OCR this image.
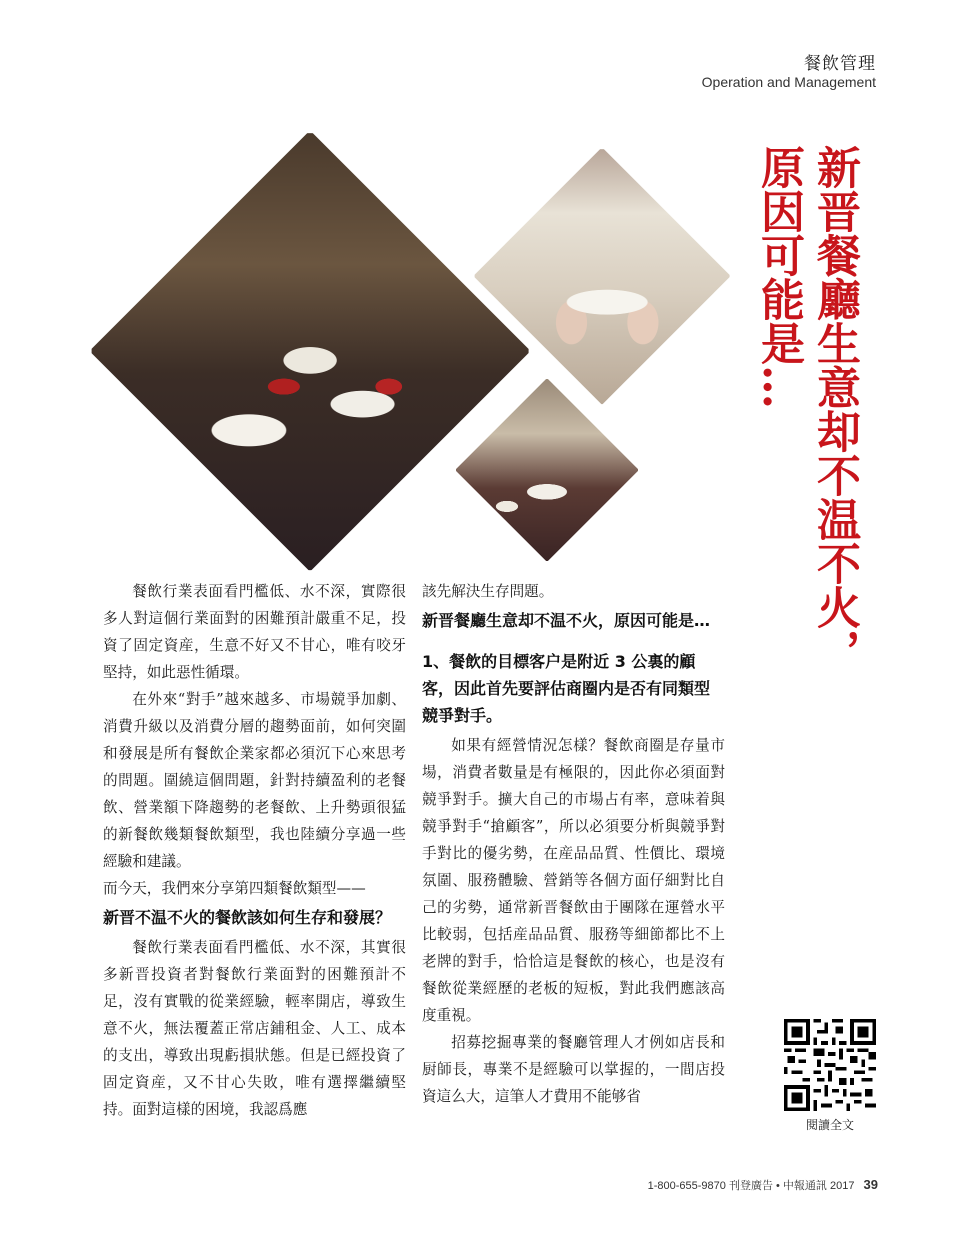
餐飲管理
Operation and Management
新晋餐廳生意却不温不火，
原因可能是…

餐飲行業表面看門檻低、水不深，實際很多人對這個行業面對的困難預計嚴重不足，投資了固定資産，生意不好又不甘心，唯有咬牙堅持，如此惡性循環。

在外來“對手”越來越多、市場競爭加劇、消費升級以及消費分層的趨勢面前，如何突圍和發展是所有餐飲企業家都必須沉下心來思考的問題。圍繞這個問題，針對持續盈利的老餐飲、營業額下降趨勢的老餐飲、上升勢頭很猛的新餐飲幾類餐飲類型，我也陸續分享過一些經驗和建議。

而今天，我們來分享第四類餐飲類型——

新晋不温不火的餐飲該如何生存和發展？

餐飲行業表面看門檻低、水不深，其實很多新晋投資者對餐飲行業面對的困難預計不足，沒有實戰的從業經驗，輕率開店，導致生意不火，無法覆蓋正常店鋪租金、人工、成本的支出，導致出現虧損狀態。但是已經投資了固定資産，又不甘心失敗，唯有選擇繼續堅持。面對這樣的困境，我認爲應

該先解決生存問題。

新晋餐廳生意却不温不火，原因可能是…
1、餐飲的目標客户是附近 3 公裏的顧客，因此首先要評估商圈内是否有同類型競爭對手。

如果有經營情況怎樣？餐飲商圈是存量市場，消費者數量是有極限的，因此你必須面對競爭對手。擴大自己的市場占有率，意味着與競爭對手“搶顧客”，所以必須要分析與競爭對手對比的優劣勢，在産品品質、性價比、環境氛圍、服務體驗、營銷等各個方面仔細對比自己的劣勢，通常新晋餐飲由于團隊在運營水平比較弱，包括産品品質、服務等細節都比不上老牌的對手，恰恰這是餐飲的核心，也是沒有餐飲從業經歷的老板的短板，對此我們應該高度重視。

招募挖掘專業的餐廳管理人才例如店長和厨師長，專業不是經驗可以掌握的，一間店投資這么大，這筆人才費用不能够省

閱讀全文
1-800-655-9870 刊登廣告 • 中報通訊 2017 39
